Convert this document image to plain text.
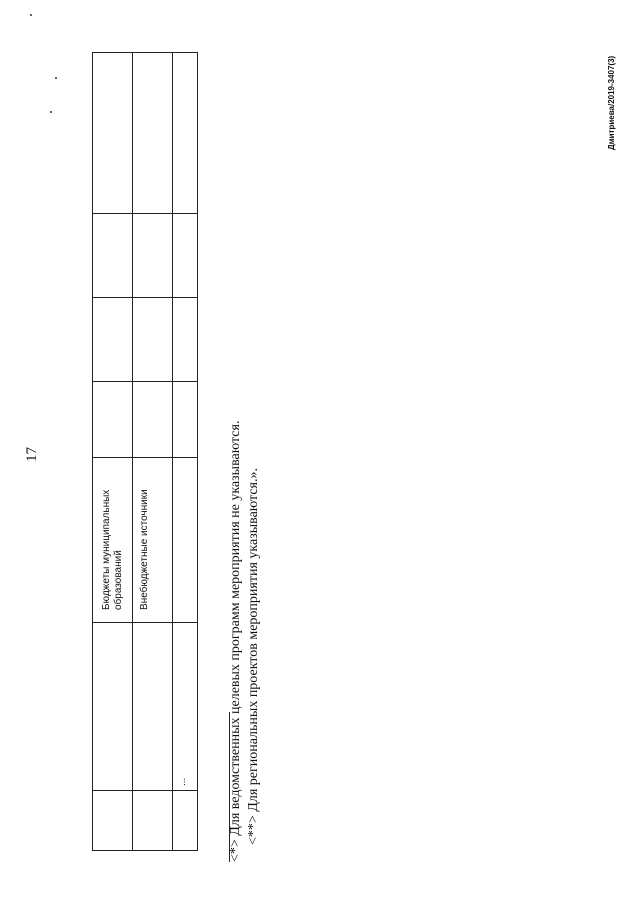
17
Дмитриева/2019-3407(3)
Бюджеты муниципальных образований Внебюджетные источники
...	<*> Для ведомственных целевых программ мероприятия не указываются. <**> Для региональных проектов мероприятия указываются.».
